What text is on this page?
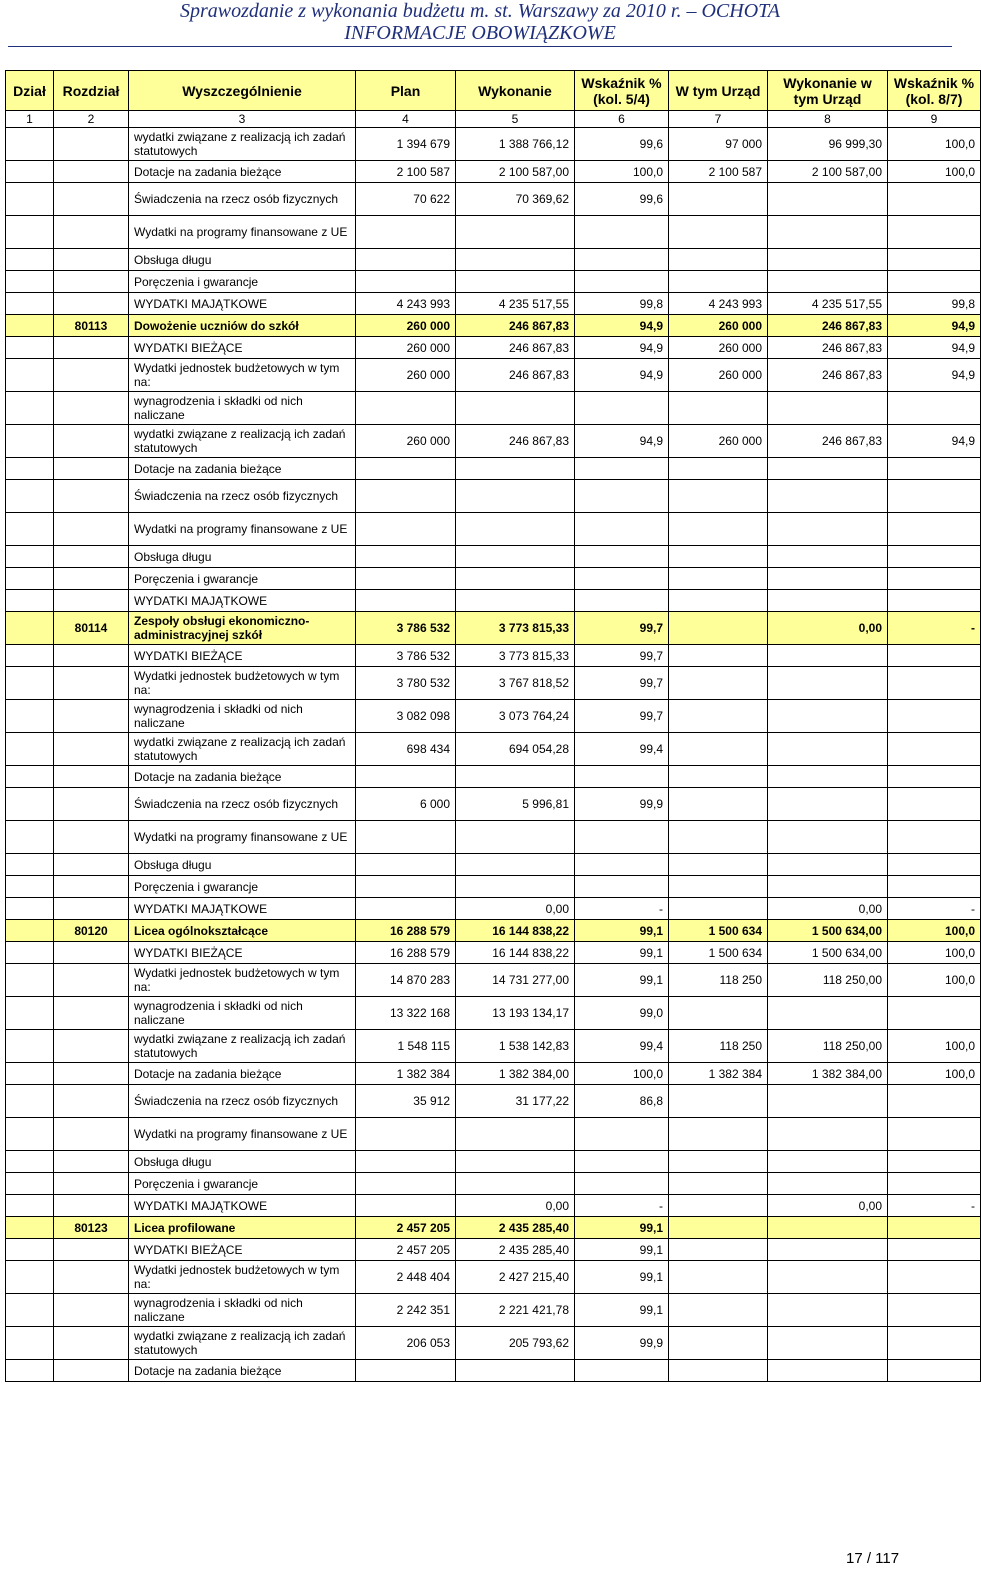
Sprawozdanie z wykonania budżetu m. st. Warszawy za 2010 r. – OCHOTA
INFORMACJE OBOWIĄZKOWE
Dział	Rozdział	Wyszczególnienie	Plan	Wykonanie	Wskaźnik % (kol. 5/4)	W tym Urząd	Wykonanie w tym Urząd	Wskaźnik % (kol. 8/7)
1	2	3	4	5	6	7	8	9
		wydatki związane z realizacją ich zadań statutowych	1 394 679	1 388 766,12	99,6	97 000	96 999,30	100,0
		Dotacje na zadania bieżące	2 100 587	2 100 587,00	100,0	2 100 587	2 100 587,00	100,0
		Świadczenia na rzecz osób fizycznych	70 622	70 369,62	99,6			
		Wydatki na programy finansowane z UE						
		Obsługa długu						
		Poręczenia i gwarancje						
		WYDATKI MAJĄTKOWE	4 243 993	4 235 517,55	99,8	4 243 993	4 235 517,55	99,8
	80113	Dowożenie uczniów do szkół	260 000	246 867,83	94,9	260 000	246 867,83	94,9
		WYDATKI BIEŻĄCE	260 000	246 867,83	94,9	260 000	246 867,83	94,9
		Wydatki jednostek budżetowych w tym na:	260 000	246 867,83	94,9	260 000	246 867,83	94,9
		wynagrodzenia i składki od nich naliczane						
		wydatki związane z realizacją ich zadań statutowych	260 000	246 867,83	94,9	260 000	246 867,83	94,9
		Dotacje na zadania bieżące						
		Świadczenia na rzecz osób fizycznych						
		Wydatki na programy finansowane z UE						
		Obsługa długu						
		Poręczenia i gwarancje						
		WYDATKI MAJĄTKOWE						
	80114	Zespoły obsługi ekonomiczno-administracyjnej szkół	3 786 532	3 773 815,33	99,7		0,00	-
		WYDATKI BIEŻĄCE	3 786 532	3 773 815,33	99,7			
		Wydatki jednostek budżetowych w tym na:	3 780 532	3 767 818,52	99,7			
		wynagrodzenia i składki od nich naliczane	3 082 098	3 073 764,24	99,7			
		wydatki związane z realizacją ich zadań statutowych	698 434	694 054,28	99,4			
		Dotacje na zadania bieżące						
		Świadczenia na rzecz osób fizycznych	6 000	5 996,81	99,9			
		Wydatki na programy finansowane z UE						
		Obsługa długu						
		Poręczenia i gwarancje						
		WYDATKI MAJĄTKOWE		0,00	-		0,00	-
	80120	Licea ogólnokształcące	16 288 579	16 144 838,22	99,1	1 500 634	1 500 634,00	100,0
		WYDATKI BIEŻĄCE	16 288 579	16 144 838,22	99,1	1 500 634	1 500 634,00	100,0
		Wydatki jednostek budżetowych w tym na:	14 870 283	14 731 277,00	99,1	118 250	118 250,00	100,0
		wynagrodzenia i składki od nich naliczane	13 322 168	13 193 134,17	99,0			
		wydatki związane z realizacją ich zadań statutowych	1 548 115	1 538 142,83	99,4	118 250	118 250,00	100,0
		Dotacje na zadania bieżące	1 382 384	1 382 384,00	100,0	1 382 384	1 382 384,00	100,0
		Świadczenia na rzecz osób fizycznych	35 912	31 177,22	86,8			
		Wydatki na programy finansowane z UE						
		Obsługa długu						
		Poręczenia i gwarancje						
		WYDATKI MAJĄTKOWE		0,00	-		0,00	-
	80123	Licea profilowane	2 457 205	2 435 285,40	99,1			
		WYDATKI BIEŻĄCE	2 457 205	2 435 285,40	99,1			
		Wydatki jednostek budżetowych w tym na:	2 448 404	2 427 215,40	99,1			
		wynagrodzenia i składki od nich naliczane	2 242 351	2 221 421,78	99,1			
		wydatki związane z realizacją ich zadań statutowych	206 053	205 793,62	99,9			
		Dotacje na zadania bieżące						
17 / 117
